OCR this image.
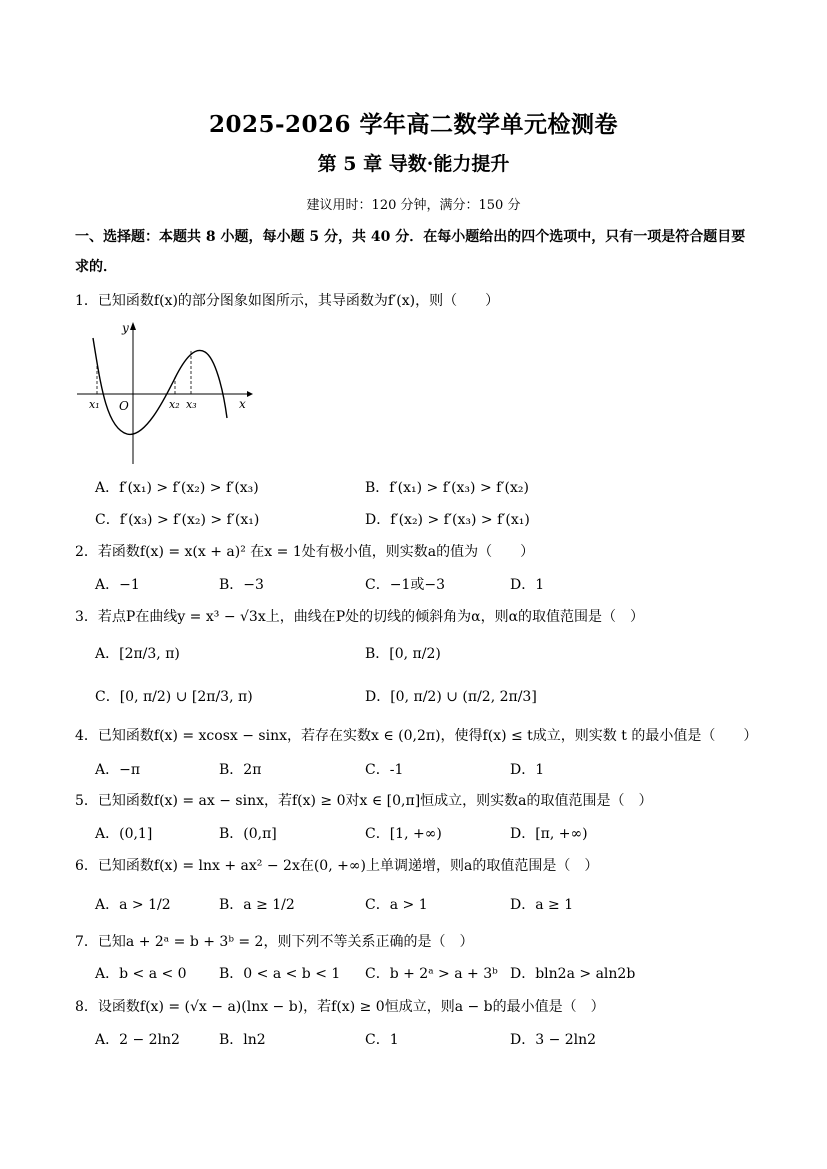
2025-2026 学年高二数学单元检测卷
第 5 章 导数·能力提升
建议用时：120 分钟，满分：150 分
一、选择题：本题共 8 小题，每小题 5 分，共 40 分．在每小题给出的四个选项中，只有一项是符合题目要
求的．
1．已知函数f(x)的部分图象如图所示，其导函数为f′(x)，则（　　）
y
x
O
x₁	x₂ x₃
A．f′(x₁) > f′(x₂) > f′(x₃)	B．f′(x₁) > f′(x₃) > f′(x₂)
C．f′(x₃) > f′(x₂) > f′(x₁)	D．f′(x₂) > f′(x₃) > f′(x₁)
2．若函数f(x) = x(x + a)² 在x = 1处有极小值，则实数a的值为（　　）
A．−1	B．−3	C．−1或−3	D．1
3．若点P在曲线y = x³ − √3x上，曲线在P处的切线的倾斜角为α，则α的取值范围是（　）
A．[2π/3, π)	B．[0, π/2)
C．[0, π/2) ∪ [2π/3, π)	D．[0, π/2) ∪ (π/2, 2π/3]
4．已知函数f(x) = xcosx − sinx，若存在实数x ∈ (0,2π)，使得f(x) ≤ t成立，则实数 t 的最小值是（　　）
A．−π	B．2π	C．-1	D．1
5．已知函数f(x) = ax − sinx，若f(x) ≥ 0对x ∈ [0,π]恒成立，则实数a的取值范围是（　）
A．(0,1]	B．(0,π]	C．[1, +∞)	D．[π, +∞)
6．已知函数f(x) = lnx + ax² − 2x在(0, +∞)上单调递增，则a的取值范围是（　）
A．a > 1/2	B．a ≥ 1/2	C．a > 1	D．a ≥ 1
7．已知a + 2ᵃ = b + 3ᵇ = 2，则下列不等关系正确的是（　）
A．b < a < 0 B．0 < a < b < 1 C．b + 2ᵃ > a + 3ᵇ D．bln2a > aln2b
8．设函数f(x) = (√x − a)(lnx − b)，若f(x) ≥ 0恒成立，则a − b的最小值是（　）
A．2 − 2ln2	B．ln2	C．1	D．3 − 2ln2
